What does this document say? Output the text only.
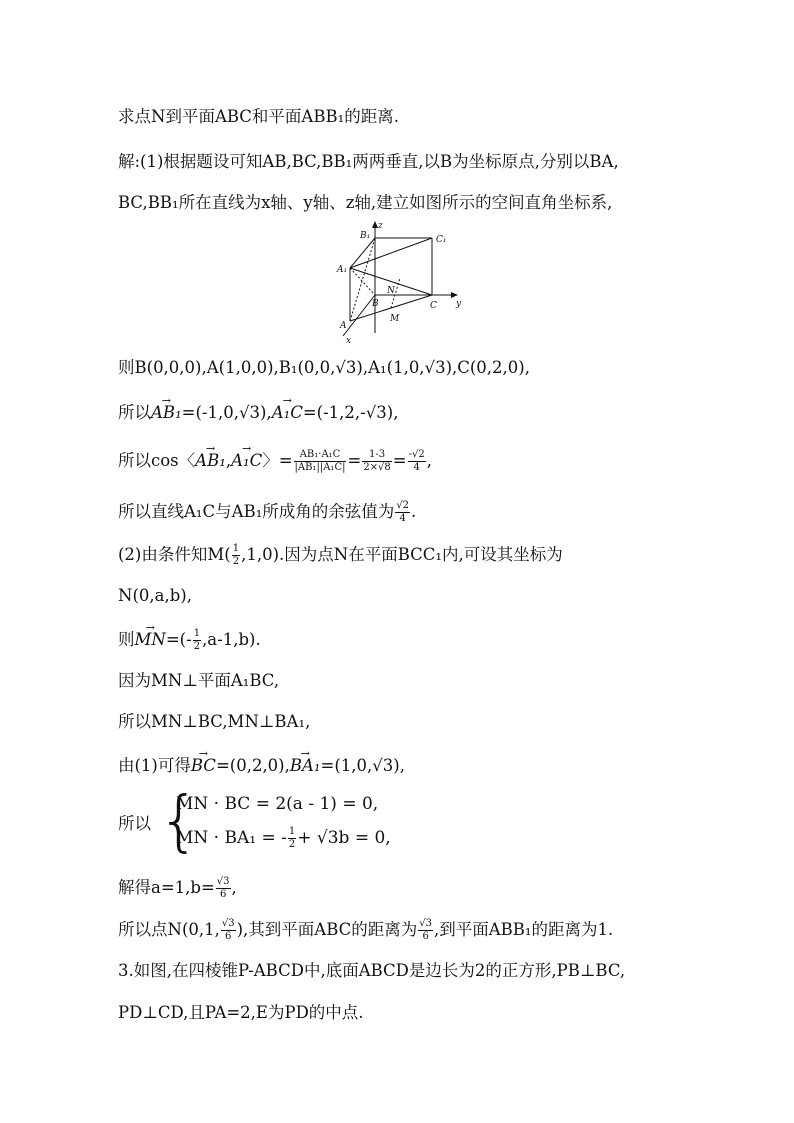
求点N到平面ABC和平面ABB₁的距离.
解:(1)根据题设可知AB,BC,BB₁两两垂直,以B为坐标原点,分别以BA,
BC,BB₁所在直线为x轴、y轴、z轴,建立如图所示的空间直角坐标系,
z
y
x
B₁	C₁
A₁
N
B	C
M
A
则B(0,0,0),A(1,0,0),B₁(0,0,√3),A₁(1,0,√3),C(0,2,0),
所以→ AB₁=(-1,0,√3),→ A₁C=(-1,2,-√3),
所以cos〈→ AB₁,→ A₁C〉= $\frac{\text{AB₁·A₁C}}{\text{|AB₁||A₁C|}} = \frac{1-3}{2\times√8} = \frac{-√2}{4}$ ,
所以直线A₁C与AB₁所成角的余弦值为 $\frac{√2}{4}$ .
(2)由条件知$M( \frac{1}{2} ,1,0)$.因为点N在平面BCC₁内,可设其坐标为
N(0,a,b),
则→ $MN=(- \frac{1}{2} ,a-1,b)$.
因为MN⊥平面A₁BC,
所以MN⊥BC,MN⊥BA₁,
由(1)可得→ BC=(0,2,0),→ BA₁=(1,0,√3),
所以 {
MN · BC = 2(a - 1) = 0,
MN · BA₁ = - $\frac{1}{2} + √3b = 0$,
解得$a=1,b= \frac{√3}{6}$ ,
所以点N(0,1, $\frac{√3}{6}$ ),其到平面ABC的距离为 $\frac{√3}{6}$ ,到平面ABB₁的距离为1.
3.如图,在四棱锥P-ABCD中,底面ABCD是边长为2的正方形,PB⊥BC,
PD⊥CD,且PA=2,E为PD的中点.
